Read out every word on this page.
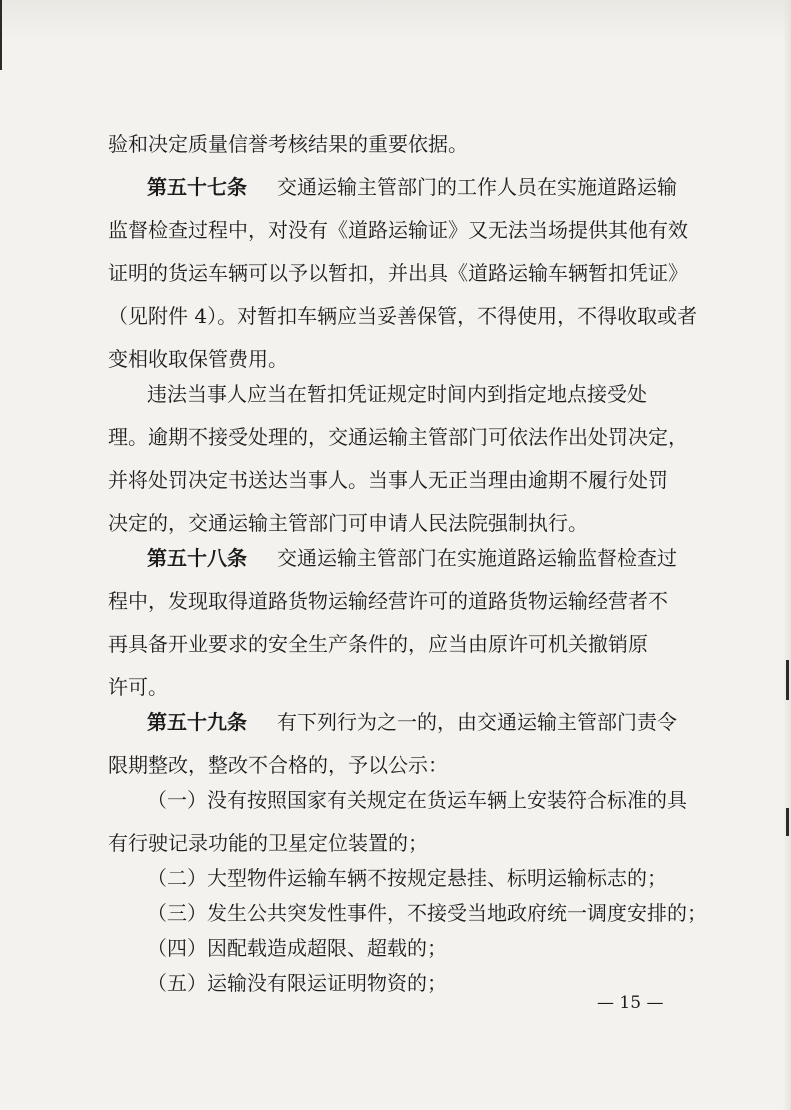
验和决定质量信誉考核结果的重要依据。

第五十七条	交通运输主管部门的工作人员在实施道路运输

监督检查过程中，对没有《道路运输证》又无法当场提供其他有效

证明的货运车辆可以予以暂扣，并出具《道路运输车辆暂扣凭证》

（见附件 4）。对暂扣车辆应当妥善保管，不得使用，不得收取或者

变相收取保管费用。

违法当事人应当在暂扣凭证规定时间内到指定地点接受处

理。逾期不接受处理的，交通运输主管部门可依法作出处罚决定，

并将处罚决定书送达当事人。当事人无正当理由逾期不履行处罚

决定的，交通运输主管部门可申请人民法院强制执行。

第五十八条	交通运输主管部门在实施道路运输监督检查过

程中，发现取得道路货物运输经营许可的道路货物运输经营者不

再具备开业要求的安全生产条件的，应当由原许可机关撤销原

许可。

第五十九条	有下列行为之一的，由交通运输主管部门责令

限期整改，整改不合格的，予以公示：

（一）没有按照国家有关规定在货运车辆上安装符合标准的具

有行驶记录功能的卫星定位装置的；

（二）大型物件运输车辆不按规定悬挂、标明运输标志的；

（三）发生公共突发性事件，不接受当地政府统一调度安排的；

（四）因配载造成超限、超载的；

（五）运输没有限运证明物资的；

— 15 —
